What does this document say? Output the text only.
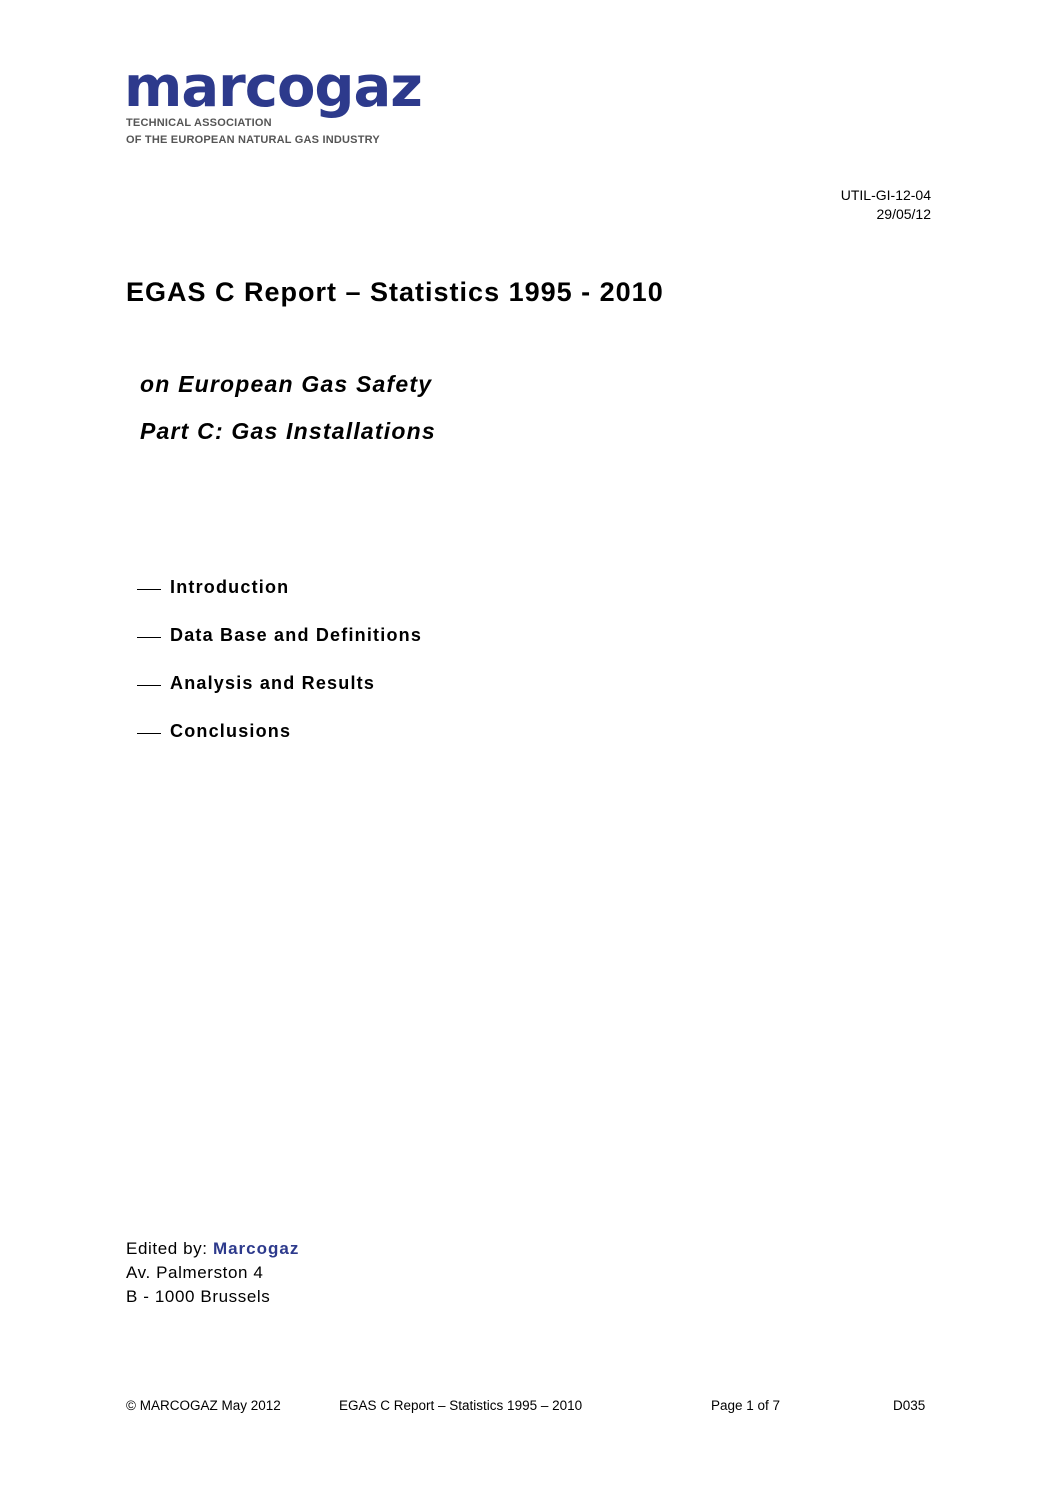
marcogaz
TECHNICAL ASSOCIATION
OF THE EUROPEAN NATURAL GAS INDUSTRY
UTIL-GI-12-04
29/05/12
EGAS C Report – Statistics 1995 - 2010
on European Gas Safety
Part C: Gas Installations
Introduction
Data Base and Definitions
Analysis and Results
Conclusions
Edited by: Marcogaz
Av. Palmerston 4
B - 1000 Brussels
© MARCOGAZ May 2012	EGAS C Report – Statistics 1995 – 2010	Page 1 of 7	D035
